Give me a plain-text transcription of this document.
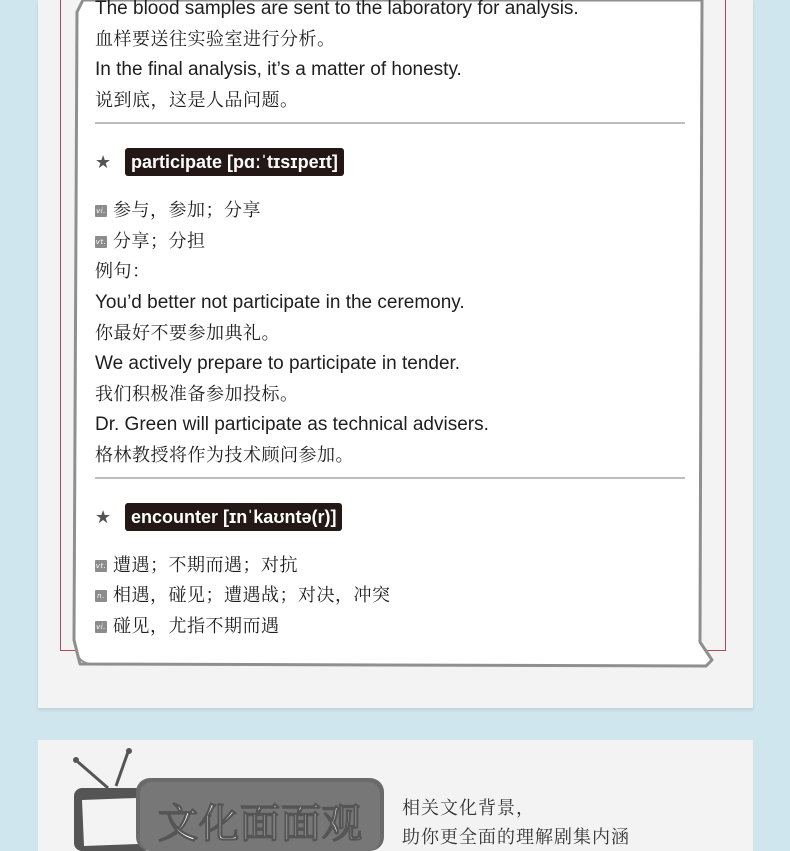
The blood samples are sent to the laboratory for analysis.
血样要送往实验室进行分析。
In the final analysis, it’s a matter of honesty.
说到底，这是人品问题。
★	participate [pɑːˈtɪsɪpeɪt]
vi. 参与，参加；分享
vt. 分享；分担
例句：
You’d better not participate in the ceremony.
你最好不要参加典礼。
We actively prepare to participate in tender.
我们积极准备参加投标。
Dr. Green will participate as technical advisers.
格林教授将作为技术顾问参加。
★	encounter [ɪnˈkaʊntə(r)]
vt. 遭遇；不期而遇；对抗
n. 相遇，碰见；遭遇战；对决，冲突
vi. 碰见，尤指不期而遇
文化面面观 相关文化背景，
助你更全面的理解剧集内涵
